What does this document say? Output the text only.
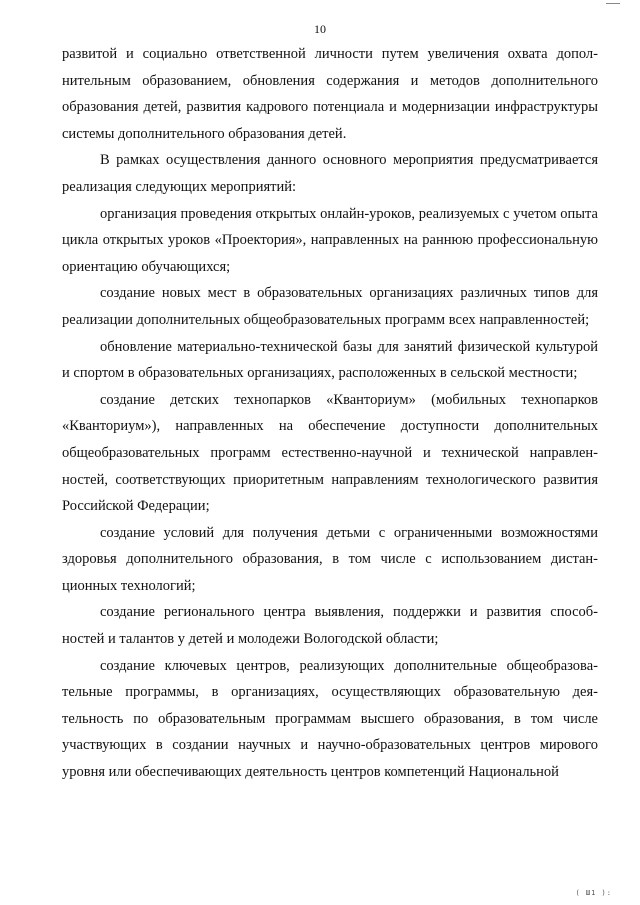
10

развитой и социально ответственной личности путем увеличения охвата дополнительным образованием, обновления содержания и методов дополнительного образования детей, развития кадрового потенциала и модернизации инфраструктуры системы дополнительного образования детей.

В рамках осуществления данного основного мероприятия предусматривается реализация следующих мероприятий:

организация проведения открытых онлайн-уроков, реализуемых с учетом опыта цикла открытых уроков «Проектория», направленных на раннюю профессиональную ориентацию обучающихся;

создание новых мест в образовательных организациях различных типов для реализации дополнительных общеобразовательных программ всех направленностей;

обновление материально-технической базы для занятий физической культурой и спортом в образовательных организациях, расположенных в сельской местности;

создание детских технопарков «Кванториум» (мобильных технопарков «Кванториум»), направленных на обеспечение доступности дополнительных общеобразовательных программ естественно-научной и технической направленностей, соответствующих приоритетным направлениям технологического развития Российской Федерации;

создание условий для получения детьми с ограниченными возможностями здоровья дополнительного образования, в том числе с использованием дистанционных технологий;

создание регионального центра выявления, поддержки и развития способностей и талантов у детей и молодежи Вологодской области;

создание ключевых центров, реализующих дополнительные общеобразовательные программы, в организациях, осуществляющих образовательную деятельность по образовательным программам высшего образования, в том числе участвующих в создании научных и научно-образовательных центров мирового уровня или обеспечивающих деятельность центров компетенций Национальной

( Ш1 ):
